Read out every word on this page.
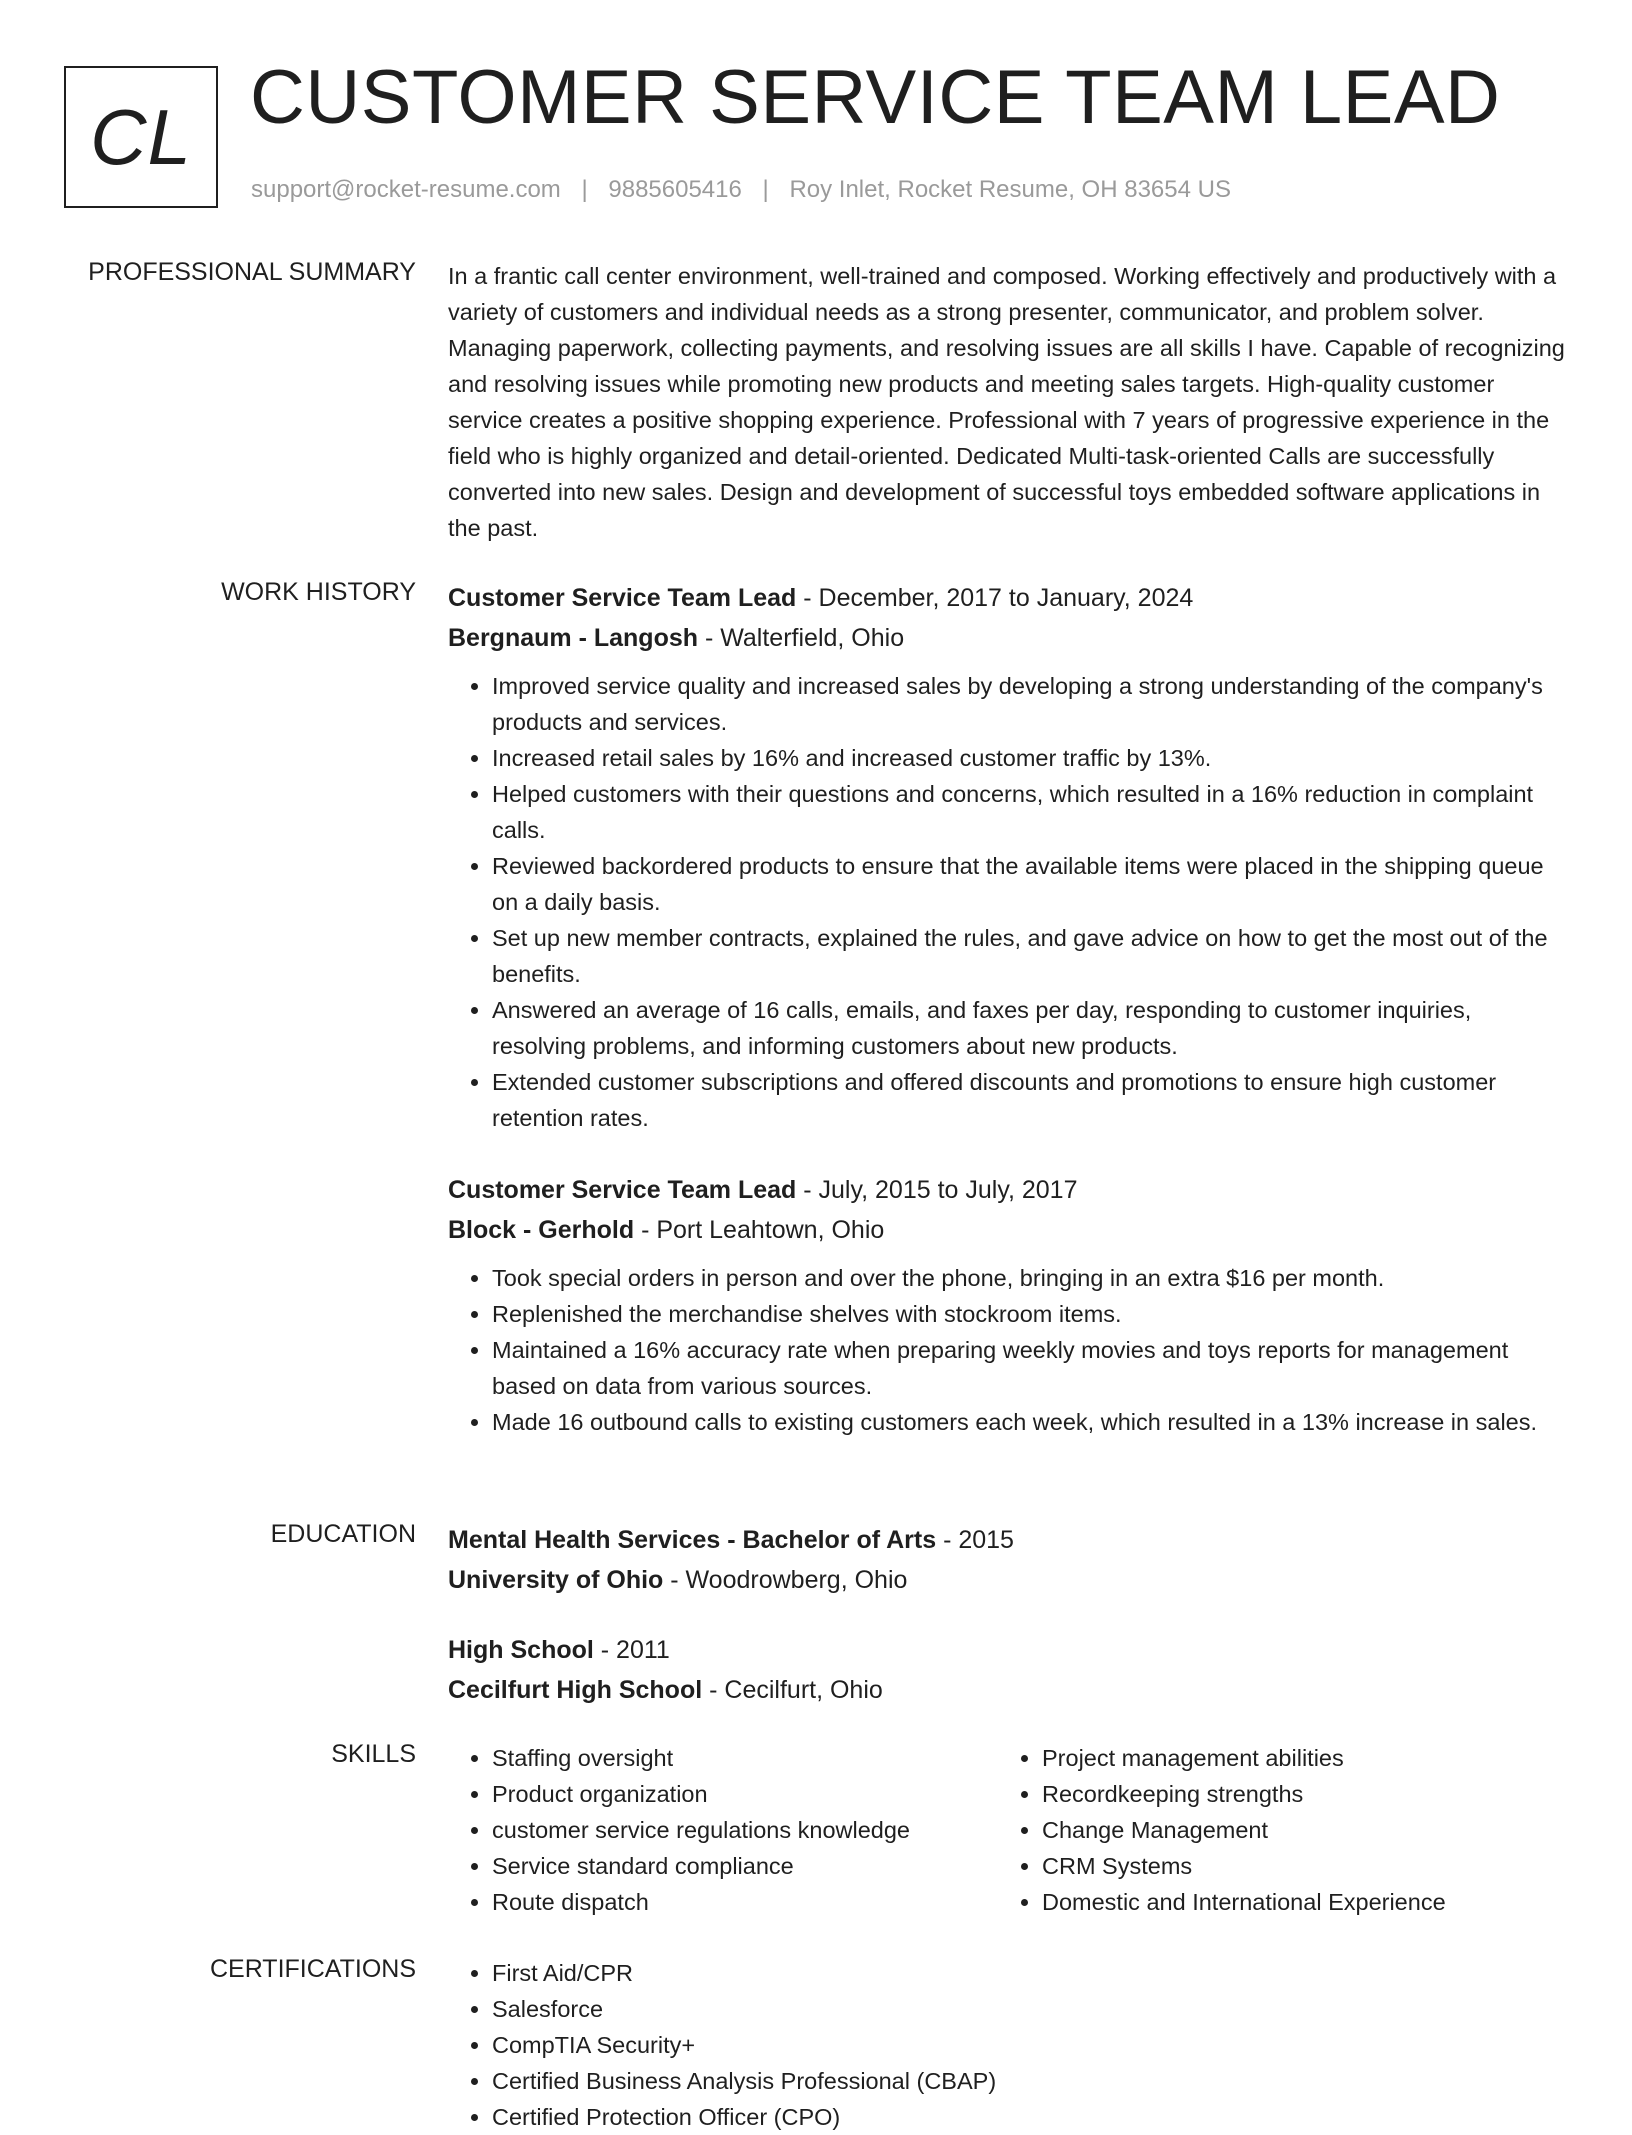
CL CUSTOMER SERVICE TEAM LEAD
support@rocket-resume.com | 9885605416 | Roy Inlet, Rocket Resume, OH 83654 US
PROFESSIONAL SUMMARY In a frantic call center environment, well-trained and composed. Working effectively and productively with a variety of customers and individual needs as a strong presenter, communicator, and problem solver. Managing paperwork, collecting payments, and resolving issues are all skills I have. Capable of recognizing and resolving issues while promoting new products and meeting sales targets. High-quality customer service creates a positive shopping experience. Professional with 7 years of progressive experience in the field who is highly organized and detail-oriented. Dedicated Multi-task-oriented Calls are successfully converted into new sales. Design and development of successful toys embedded software applications in the past.

WORK HISTORY Customer Service Team Lead - December, 2017 to January, 2024
Bergnaum - Langosh - Walterfield, Ohio
• Improved service quality and increased sales by developing a strong understanding of the company's products and services.
• Increased retail sales by 16% and increased customer traffic by 13%.
• Helped customers with their questions and concerns, which resulted in a 16% reduction in complaint calls.
• Reviewed backordered products to ensure that the available items were placed in the shipping queue on a daily basis.
• Set up new member contracts, explained the rules, and gave advice on how to get the most out of the benefits.
• Answered an average of 16 calls, emails, and faxes per day, responding to customer inquiries, resolving problems, and informing customers about new products.
• Extended customer subscriptions and offered discounts and promotions to ensure high customer retention rates.
Customer Service Team Lead - July, 2015 to July, 2017
Block - Gerhold - Port Leahtown, Ohio
• Took special orders in person and over the phone, bringing in an extra $16 per month.
• Replenished the merchandise shelves with stockroom items.
• Maintained a 16% accuracy rate when preparing weekly movies and toys reports for management based on data from various sources.
• Made 16 outbound calls to existing customers each week, which resulted in a 13% increase in sales.
EDUCATION Mental Health Services - Bachelor of Arts - 2015
University of Ohio - Woodrowberg, Ohio
High School - 2011
Cecilfurt High School - Cecilfurt, Ohio
SKILLS	• Staffing oversight
• Product organization
• customer service regulations knowledge
• Service standard compliance
• Route dispatch
• Project management abilities
• Recordkeeping strengths
• Change Management
• CRM Systems
• Domestic and International Experience
CERTIFICATIONS	• First Aid/CPR
• Salesforce
• CompTIA Security+
• Certified Business Analysis Professional (CBAP)
• Certified Protection Officer (CPO)
